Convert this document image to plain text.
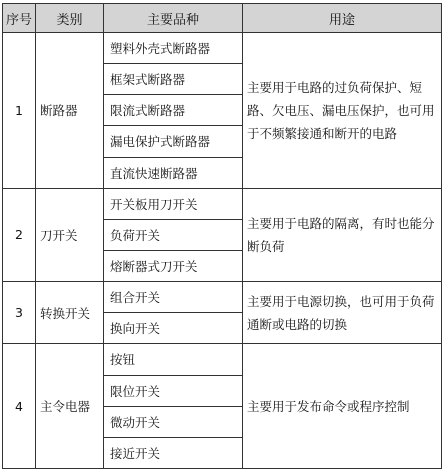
序号	类别	主要品种	用途
1	断路器	塑料外壳式断路器	主要用于电路的过负荷保护、短路、欠电压、漏电压保护，也可用于不频繁接通和断开的电路
		框架式断路器	
		限流式断路器	
		漏电保护式断路器	
		直流快速断路器	
2	刀开关	开关板用刀开关	主要用于电路的隔离，有时也能分断负荷
		负荷开关	
		熔断器式刀开关	
3	转换开关	组合开关	主要用于电源切换，也可用于负荷通断或电路的切换
		换向开关	
4	主令电器	按钮	主要用于发布命令或程序控制
		限位开关	
		微动开关	
		接近开关	
